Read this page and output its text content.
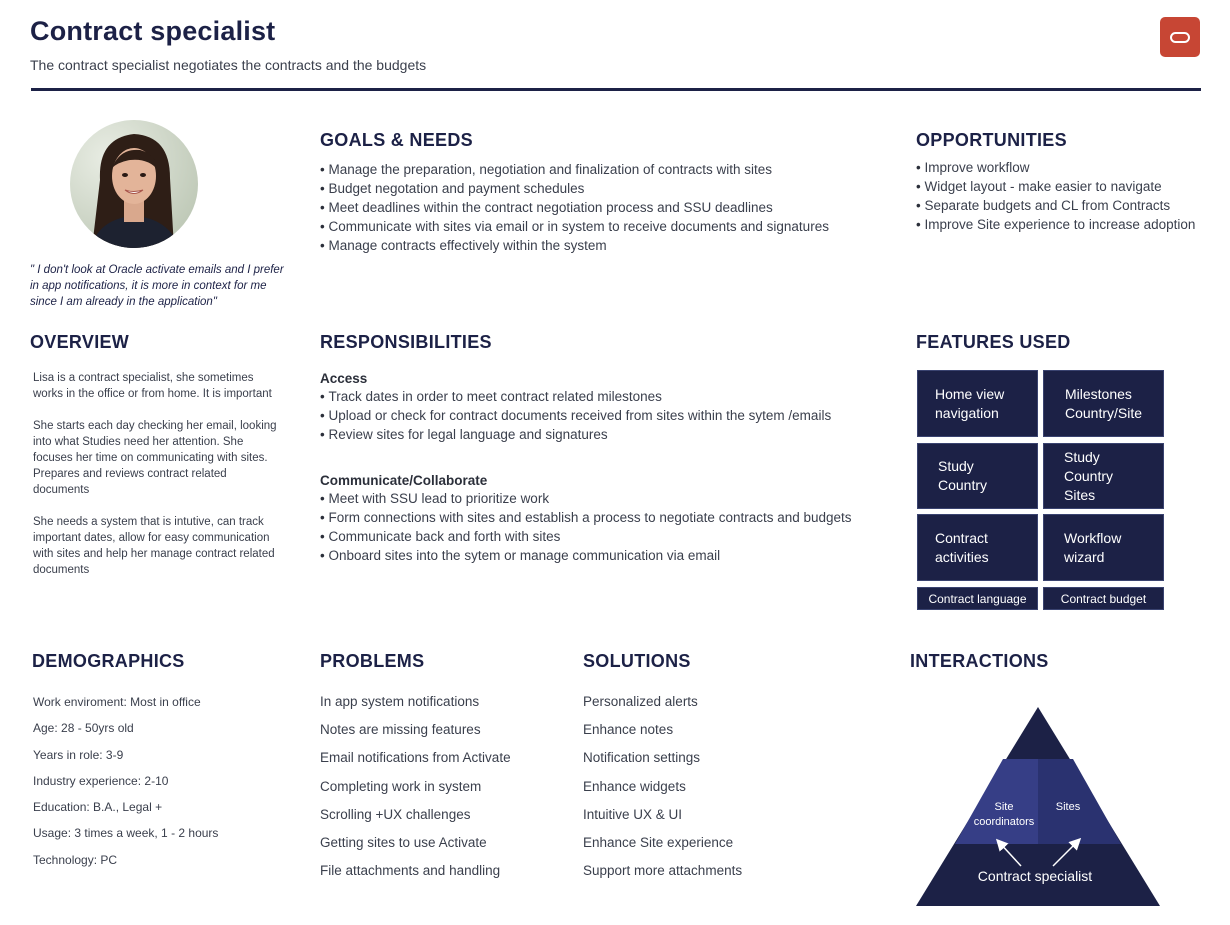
Contract specialist
The contract specialist negotiates the contracts and the budgets
" I don't look at Oracle activate emails and I prefer in app notifications, it is more in context for me since I am already in the application"
GOALS & NEEDS
• Manage the preparation, negotiation and finalization of contracts with sites
• Budget negotation and payment schedules
• Meet deadlines within the contract negotiation process and SSU deadlines
• Communicate with sites via email or in system to receive documents and signatures
• Manage contracts effectively within the system
OPPORTUNITIES
• Improve workflow
• Widget layout - make easier to navigate
• Separate budgets and CL from Contracts
• Improve Site experience to increase adoption
OVERVIEW

Lisa is a contract specialist, she sometimes works in the office or from home. It is important

She starts each day checking her email, looking into what Studies need her attention. She focuses her time on communicating with sites. Prepares and reviews contract related documents

She needs a system that is intutive, can track important dates, allow for easy communication with sites and help her manage contract related documents

RESPONSIBILITIES
Access
• Track dates in order to meet contract related milestones
• Upload or check for contract documents received from sites within the sytem /emails
• Review sites for legal language and signatures
Communicate/Collaborate
• Meet with SSU lead to prioritize work
• Form connections with sites and establish a process to negotiate contracts and budgets
• Communicate back and forth with sites
• Onboard sites into the sytem or manage communication via email
FEATURES USED
Home view
navigation
Milestones
Country/Site
Study
Country
Study
Country
Sites
Contract
activities
Workflow
wizard
Contract language	Contract budget
DEMOGRAPHICS
Work enviroment: Most in office
Age: 28 - 50yrs old
Years in role: 3-9
Industry experience: 2-10
Education: B.A., Legal +
Usage: 3 times a week, 1 - 2 hours
Technology: PC
PROBLEMS
In app system notifications
Notes are missing features
Email notifications from Activate
Completing work in system
Scrolling +UX challenges
Getting sites to use Activate
File attachments and handling
SOLUTIONS
Personalized alerts
Enhance notes
Notification settings
Enhance widgets
Intuitive UX & UI
Enhance Site experience
Support more attachments
INTERACTIONS
Site
coordinators
Sites
Contract specialist
